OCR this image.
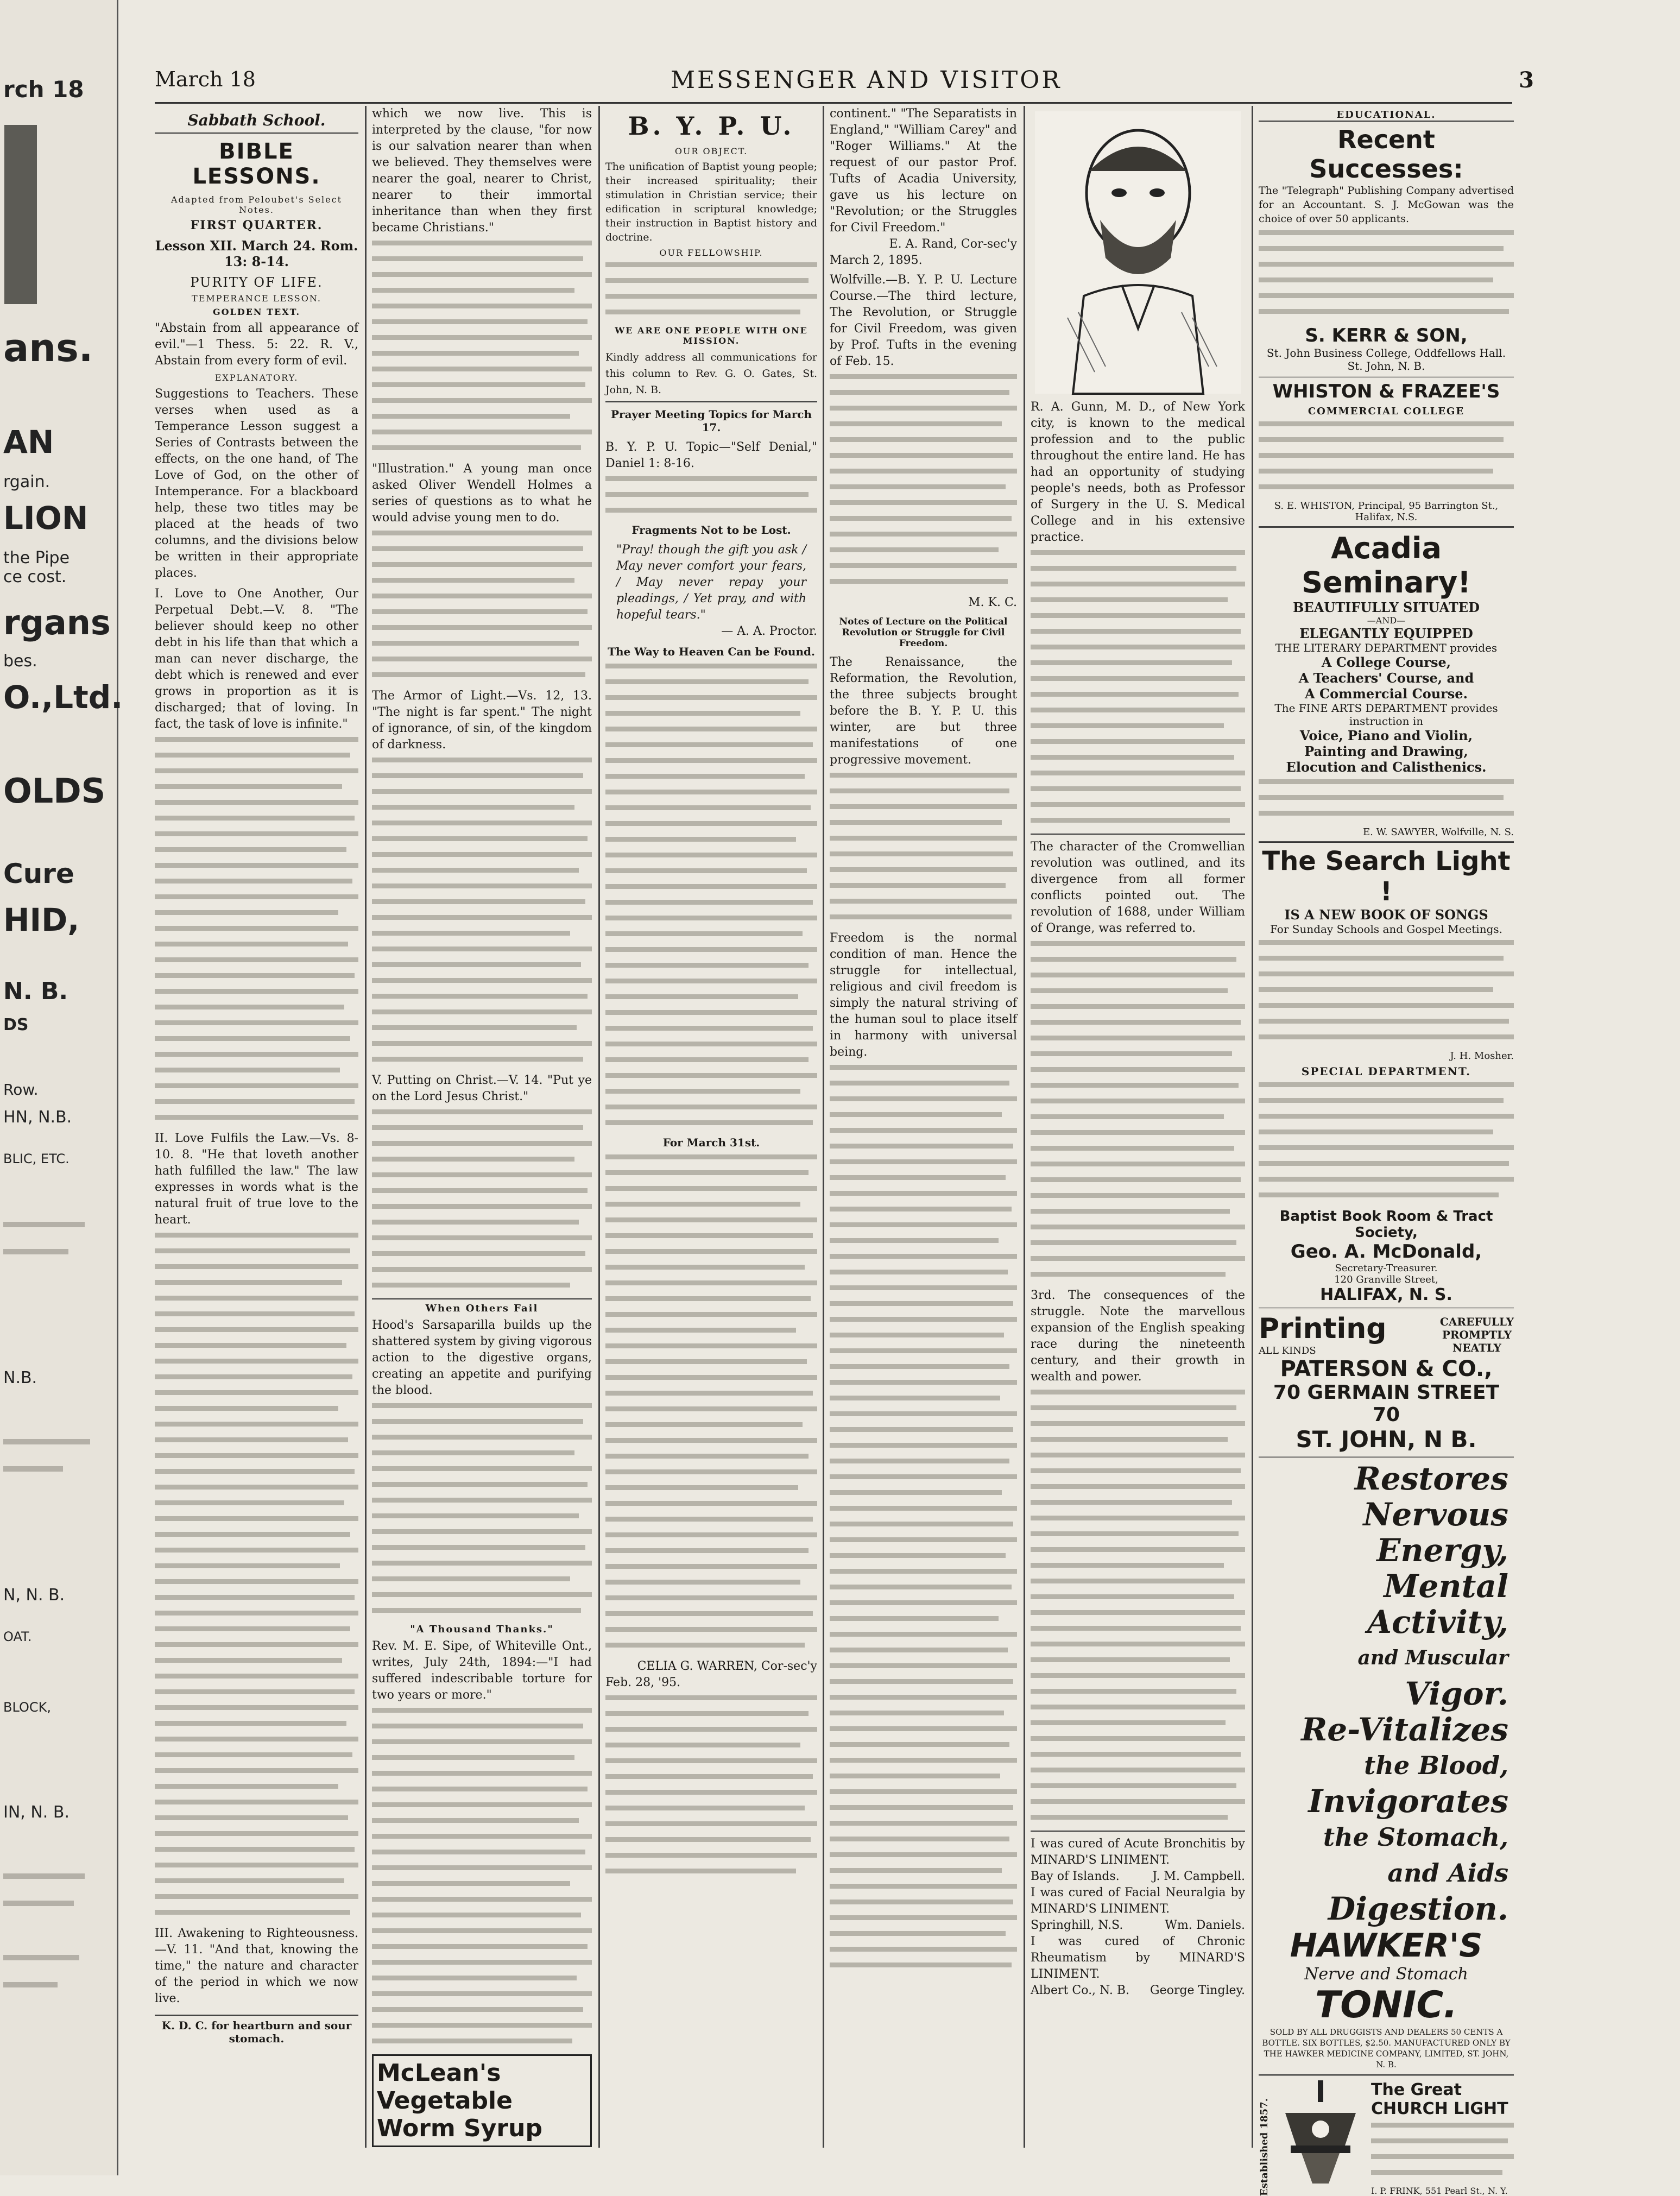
rch 18
ans.
AN
rgain.
LION
the Pipe
ce cost.
rgans
bes.
O.,Ltd.
OLDS
Cure
HID,
N. B.
DS
Row.
HN, N.B.
BLIC, ETC.
N.B.
N, N. B.
OAT.
BLOCK,
IN, N. B.
March 18	MESSENGER AND VISITOR	3
Sabbath School.
BIBLE LESSONS.
Adapted from Peloubet's Select Notes.
FIRST QUARTER.
Lesson XII. March 24. Rom. 13: 8-14.
PURITY OF LIFE.
TEMPERANCE LESSON.
GOLDEN TEXT.
"Abstain from all appearance of evil."—1 Thess. 5: 22. R. V., Abstain from every form of evil.
EXPLANATORY.
Suggestions to Teachers. These verses when used as a Temperance Lesson suggest a Series of Contrasts between the effects, on the one hand, of The Love of God, on the other of Intemperance. For a blackboard help, these two titles may be placed at the heads of two columns, and the divisions below be written in their appropriate places.
I. Love to One Another, Our Perpetual Debt.—V. 8. "The believer should keep no other debt in his life than that which a man can never discharge, the debt which is renewed and ever grows in proportion as it is discharged; that of loving. In fact, the task of love is infinite."
II. Love Fulfils the Law.—Vs. 8-10. 8. "He that loveth another hath fulfilled the law." The law expresses in words what is the natural fruit of true love to the heart.
III. Awakening to Righteousness.—V. 11. "And that, knowing the time," the nature and character of the period in which we now live.
K. D. C. for heartburn and sour stomach.
which we now live. This is interpreted by the clause, "for now is our salvation nearer than when we believed. They themselves were nearer the goal, nearer to Christ, nearer to their immortal inheritance than when they first became Christians."
"Illustration." A young man once asked Oliver Wendell Holmes a series of questions as to what he would advise young men to do.
The Armor of Light.—Vs. 12, 13. "The night is far spent." The night of ignorance, of sin, of the kingdom of darkness.
V. Putting on Christ.—V. 14. "Put ye on the Lord Jesus Christ."
When Others Fail
Hood's Sarsaparilla builds up the shattered system by giving vigorous action to the digestive organs, creating an appetite and purifying the blood.
"A Thousand Thanks."
Rev. M. E. Sipe, of Whiteville Ont., writes, July 24th, 1894:—"I had suffered indescribable torture for two years or more."
McLean's
Vegetable
Worm Syrup
B. Y. P. U.
OUR OBJECT.
The unification of Baptist young people; their increased spirituality; their stimulation in Christian service; their edification in scriptural knowledge; their instruction in Baptist history and doctrine.
OUR FELLOWSHIP.
WE ARE ONE PEOPLE WITH ONE MISSION.
Kindly address all communications for this column to Rev. G. O. Gates, St. John, N. B.
Prayer Meeting Topics for March 17.
B. Y. P. U. Topic—"Self Denial," Daniel 1: 8-16.
Fragments Not to be Lost.
"Pray! though the gift you ask / May never comfort your fears, / May never repay your pleadings, / Yet pray, and with hopeful tears."
— A. A. Proctor.
The Way to Heaven Can be Found.
For March 31st.
CELIA G. WARREN, Cor-sec'y
Feb. 28, '95.
continent." "The Separatists in England," "William Carey" and "Roger Williams." At the request of our pastor Prof. Tufts of Acadia University, gave us his lecture on "Revolution; or the Struggles for Civil Freedom."
E. A. Rand, Cor-sec'y
March 2, 1895.
Wolfville.—B. Y. P. U. Lecture Course.—The third lecture, The Revolution, or Struggle for Civil Freedom, was given by Prof. Tufts in the evening of Feb. 15.
M. K. C.
Notes of Lecture on the Political Revolution or Struggle for Civil Freedom.
The Renaissance, the Reformation, the Revolution, the three subjects brought before the B. Y. P. U. this winter, are but three manifestations of one progressive movement.
Freedom is the normal condition of man. Hence the struggle for intellectual, religious and civil freedom is simply the natural striving of the human soul to place itself in harmony with universal being.
R. A. Gunn, M. D., of New York city, is known to the medical profession and to the public throughout the entire land. He has had an opportunity of studying people's needs, both as Professor of Surgery in the U. S. Medical College and in his extensive practice.
The character of the Cromwellian revolution was outlined, and its divergence from all former conflicts pointed out. The revolution of 1688, under William of Orange, was referred to.
3rd. The consequences of the struggle. Note the marvellous expansion of the English speaking race during the nineteenth century, and their growth in wealth and power.
I was cured of Acute Bronchitis by MINARD'S LINIMENT.
Bay of Islands.	J. M. Campbell.
I was cured of Facial Neuralgia by MINARD'S LINIMENT.
Springhill, N.S.	Wm. Daniels.
I was cured of Chronic Rheumatism by MINARD'S LINIMENT.
Albert Co., N. B. George Tingley.
EDUCATIONAL.
Recent Successes:
The "Telegraph" Publishing Company advertised for an Accountant. S. J. McGowan was the choice of over 50 applicants.
S. KERR & SON,
St. John Business College, Oddfellows Hall. St. John, N. B.
WHISTON & FRAZEE'S
COMMERCIAL COLLEGE
S. E. WHISTON, Principal, 95 Barrington St., Halifax, N.S.
Acadia Seminary!
BEAUTIFULLY SITUATED
—AND—
ELEGANTLY EQUIPPED
THE LITERARY DEPARTMENT provides
A College Course,
A Teachers' Course, and
A Commercial Course.
The FINE ARTS DEPARTMENT provides instruction in
Voice, Piano and Violin,
Painting and Drawing,
Elocution and Calisthenics.
E. W. SAWYER, Wolfville, N. S.
The Search Light !
IS A NEW BOOK OF SONGS
For Sunday Schools and Gospel Meetings.
J. H. Mosher.
SPECIAL DEPARTMENT.
Baptist Book Room & Tract Society,
Geo. A. McDonald,
Secretary-Treasurer.
120 Granville Street,
HALIFAX, N. S.
Printing
ALL KINDS
CAREFULLY
PROMPTLY
NEATLY
PATERSON & CO.,
70 GERMAIN STREET 70
ST. JOHN, N B.
Restores
Nervous
Energy,
Mental
Activity,
and Muscular
Vigor.
Re-Vitalizes
the Blood,
Invigorates
the Stomach,
and Aids
Digestion.
HAWKER'S
Nerve and Stomach
TONIC.
SOLD BY ALL DRUGGISTS AND DEALERS 50 CENTS A BOTTLE. SIX BOTTLES, $2.50. MANUFACTURED ONLY BY THE HAWKER MEDICINE COMPANY, LIMITED, ST. JOHN, N. B.
Established 1857.
The Great CHURCH LIGHT
I. P. FRINK, 551 Pearl St., N. Y.
